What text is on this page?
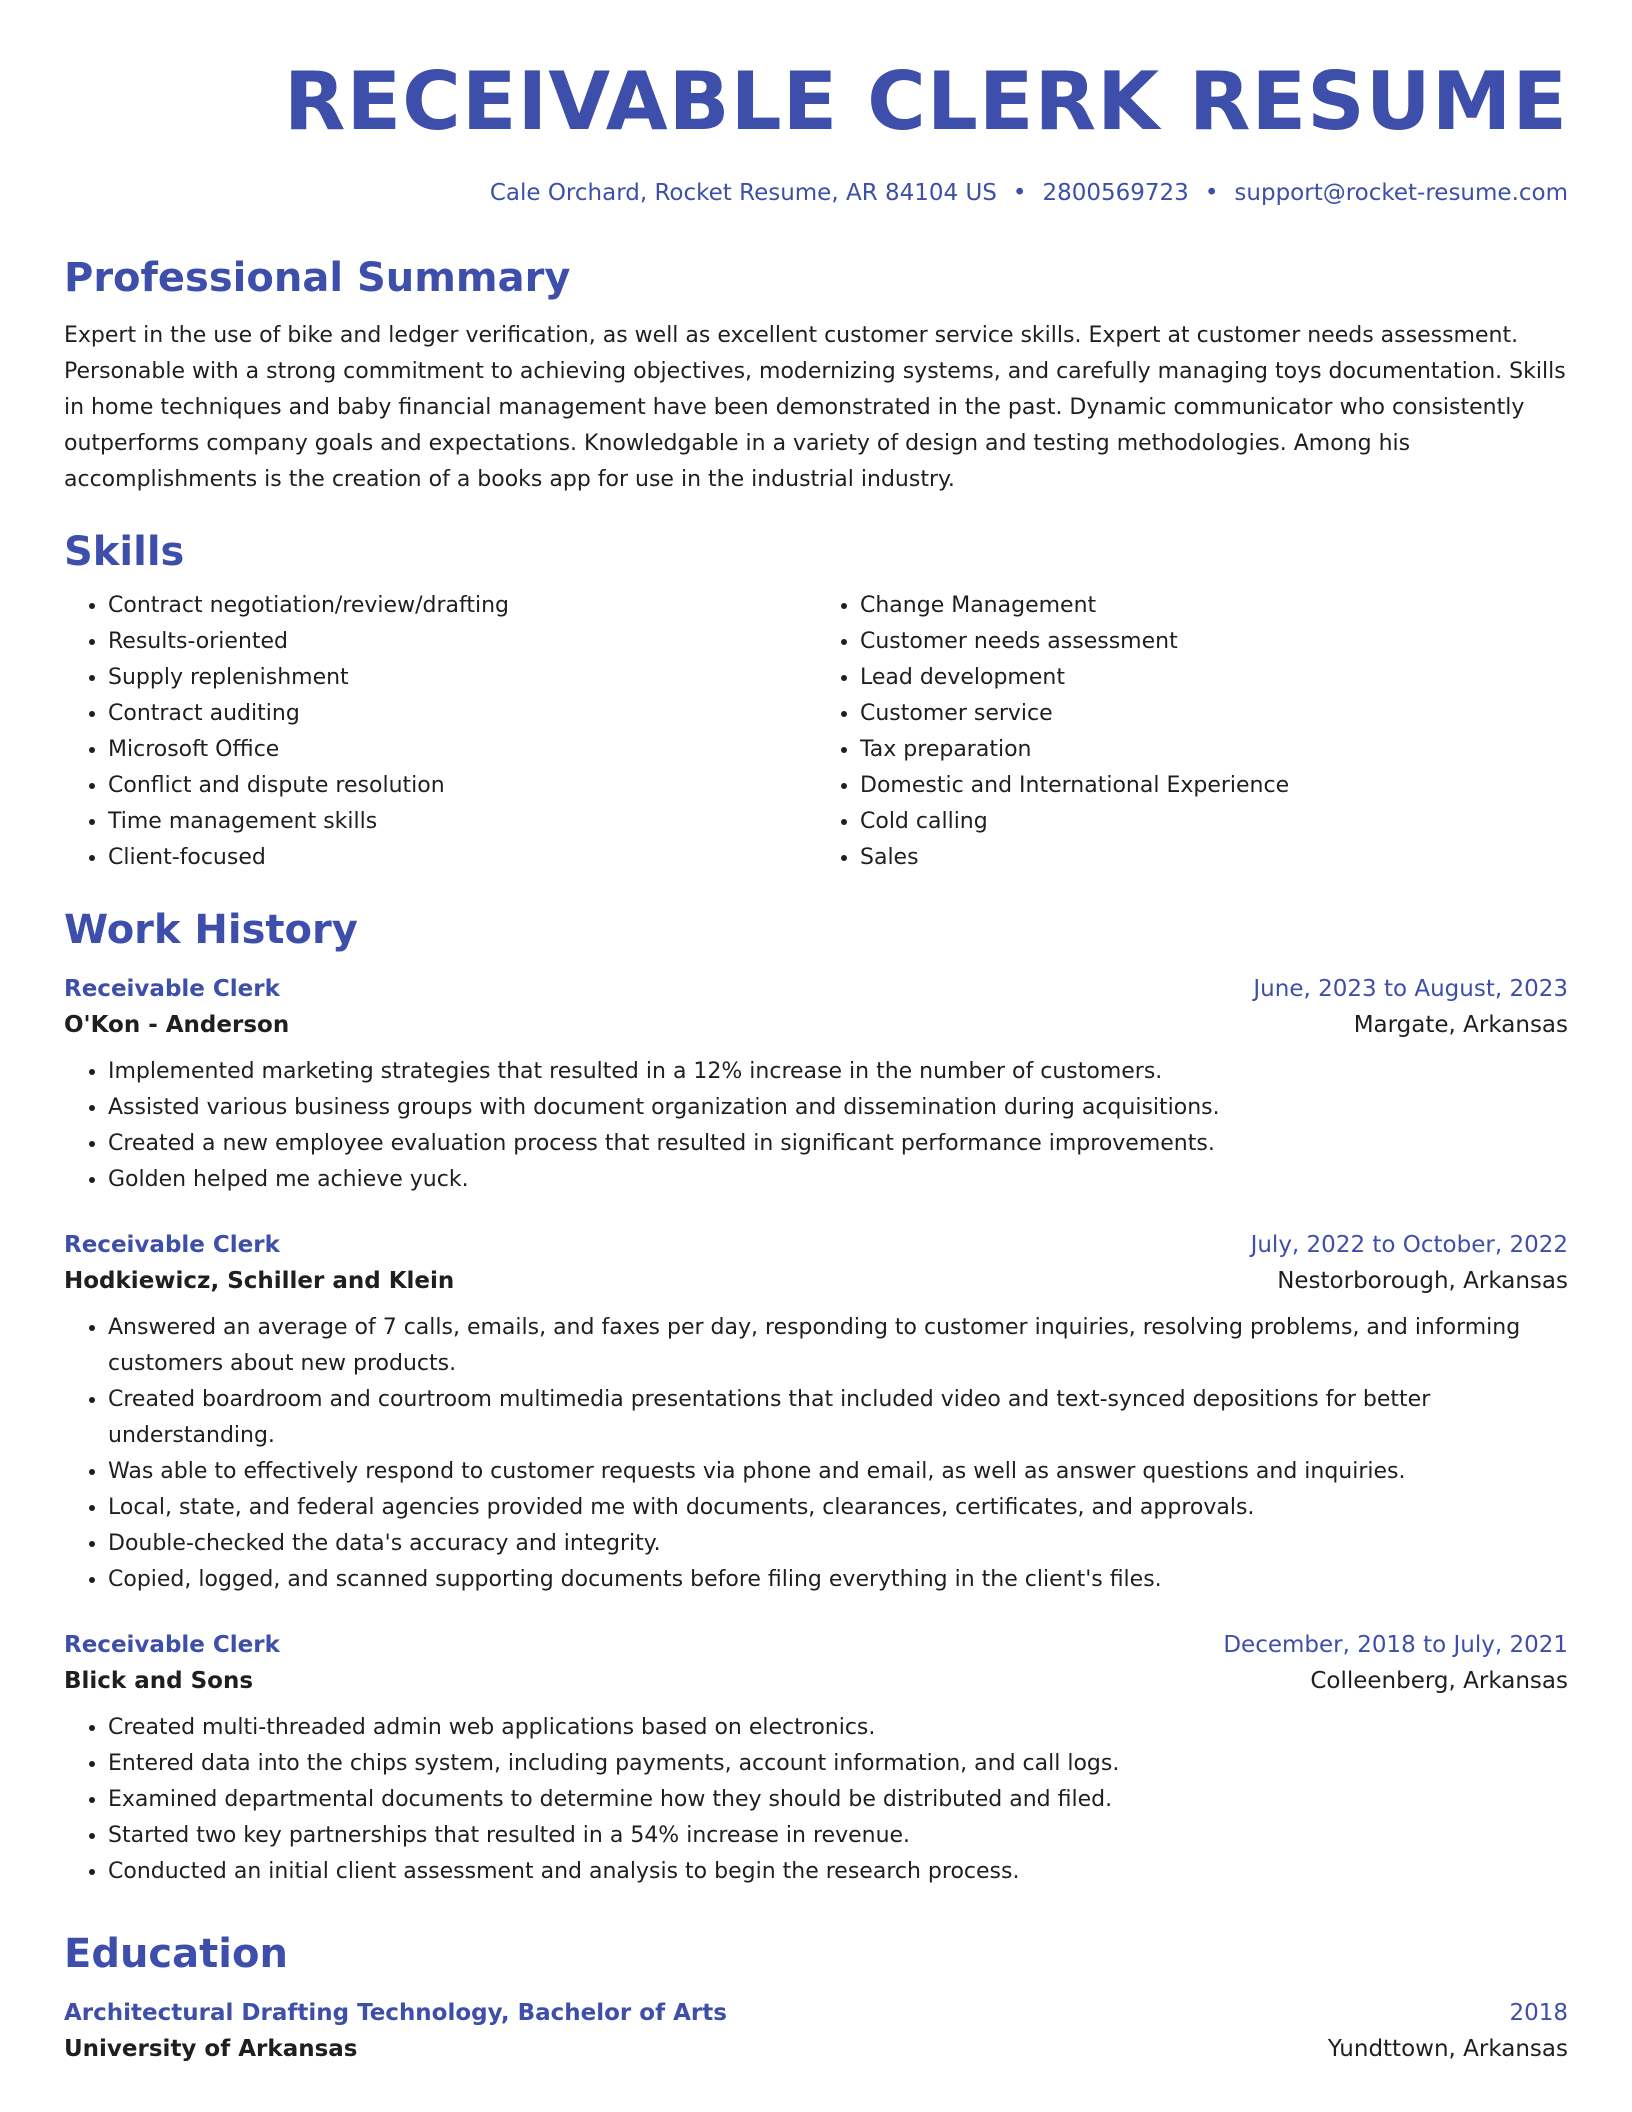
RECEIVABLE CLERK RESUME
Cale Orchard, Rocket Resume, AR 84104 US • 2800569723 • support@rocket-resume.com
Professional Summary

Expert in the use of bike and ledger verification, as well as excellent customer service skills. Expert at customer needs assessment. Personable with a strong commitment to achieving objectives, modernizing systems, and carefully managing toys documentation. Skills in home techniques and baby financial management have been demonstrated in the past. Dynamic communicator who consistently outperforms company goals and expectations. Knowledgable in a variety of design and testing methodologies. Among his accomplishments is the creation of a books app for use in the industrial industry.

Skills
• Contract negotiation/review/drafting
• Results-oriented
• Supply replenishment
• Contract auditing
• Microsoft Office
• Conflict and dispute resolution
• Time management skills
• Client-focused
• Change Management
• Customer needs assessment
• Lead development
• Customer service
• Tax preparation
• Domestic and International Experience
• Cold calling
• Sales
Work History
Receivable Clerk	June, 2023 to August, 2023
O'Kon - Anderson	Margate, Arkansas
• Implemented marketing strategies that resulted in a 12% increase in the number of customers.
• Assisted various business groups with document organization and dissemination during acquisitions.
• Created a new employee evaluation process that resulted in significant performance improvements.
• Golden helped me achieve yuck.
Receivable Clerk	July, 2022 to October, 2022
Hodkiewicz, Schiller and Klein	Nestorborough, Arkansas
• Answered an average of 7 calls, emails, and faxes per day, responding to customer inquiries, resolving problems, and informing customers about new products.
• Created boardroom and courtroom multimedia presentations that included video and text-synced depositions for better understanding.
• Was able to effectively respond to customer requests via phone and email, as well as answer questions and inquiries.
• Local, state, and federal agencies provided me with documents, clearances, certificates, and approvals.
• Double-checked the data's accuracy and integrity.
• Copied, logged, and scanned supporting documents before filing everything in the client's files.
Receivable Clerk	December, 2018 to July, 2021
Blick and Sons	Colleenberg, Arkansas
• Created multi-threaded admin web applications based on electronics.
• Entered data into the chips system, including payments, account information, and call logs.
• Examined departmental documents to determine how they should be distributed and filed.
• Started two key partnerships that resulted in a 54% increase in revenue.
• Conducted an initial client assessment and analysis to begin the research process.
Education
Architectural Drafting Technology, Bachelor of Arts	2018
University of Arkansas	Yundttown, Arkansas
